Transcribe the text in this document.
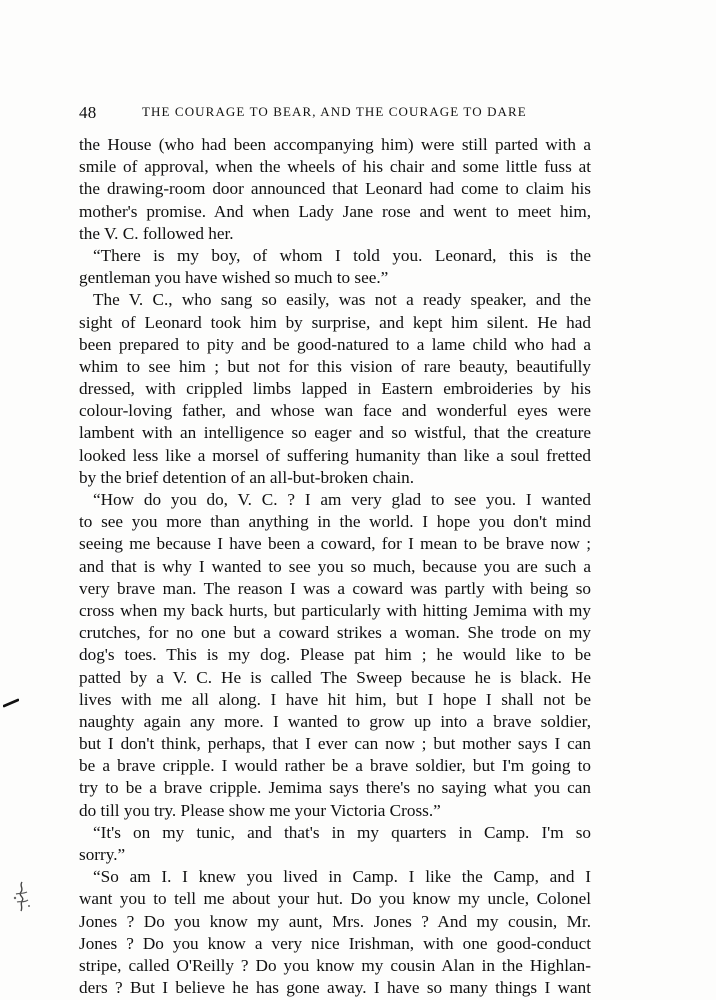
48	THE COURAGE TO BEAR, AND THE COURAGE TO DARE
the House (who had been accompanying him) were still parted with a
smile of approval, when the wheels of his chair and some little fuss at
the drawing-room door announced that Leonard had come to claim his
mother's promise. And when Lady Jane rose and went to meet him,
the V. C. followed her.
“There is my boy, of whom I told you. Leonard, this is the
gentleman you have wished so much to see.”
The V. C., who sang so easily, was not a ready speaker, and the
sight of Leonard took him by surprise, and kept him silent. He had
been prepared to pity and be good-natured to a lame child who had a
whim to see him ; but not for this vision of rare beauty, beautifully
dressed, with crippled limbs lapped in Eastern embroideries by his
colour-loving father, and whose wan face and wonderful eyes were
lambent with an intelligence so eager and so wistful, that the creature
looked less like a morsel of suffering humanity than like a soul fretted
by the brief detention of an all-but-broken chain.
“How do you do, V. C. ? I am very glad to see you. I wanted
to see you more than anything in the world. I hope you don't mind
seeing me because I have been a coward, for I mean to be brave now ;
and that is why I wanted to see you so much, because you are such a
very brave man. The reason I was a coward was partly with being so
cross when my back hurts, but particularly with hitting Jemima with my
crutches, for no one but a coward strikes a woman. She trode on my
dog's toes. This is my dog. Please pat him ; he would like to be
patted by a V. C. He is called The Sweep because he is black. He
lives with me all along. I have hit him, but I hope I shall not be
naughty again any more. I wanted to grow up into a brave soldier,
but I don't think, perhaps, that I ever can now ; but mother says I can
be a brave cripple. I would rather be a brave soldier, but I'm going to
try to be a brave cripple. Jemima says there's no saying what you can
do till you try. Please show me your Victoria Cross.”
“It's on my tunic, and that's in my quarters in Camp. I'm so
sorry.”
“So am I. I knew you lived in Camp. I like the Camp, and I
want you to tell me about your hut. Do you know my uncle, Colonel
Jones ? Do you know my aunt, Mrs. Jones ? And my cousin, Mr.
Jones ? Do you know a very nice Irishman, with one good-conduct
stripe, called O'Reilly ? Do you know my cousin Alan in the Highlan-
ders ? But I believe he has gone away. I have so many things I want
